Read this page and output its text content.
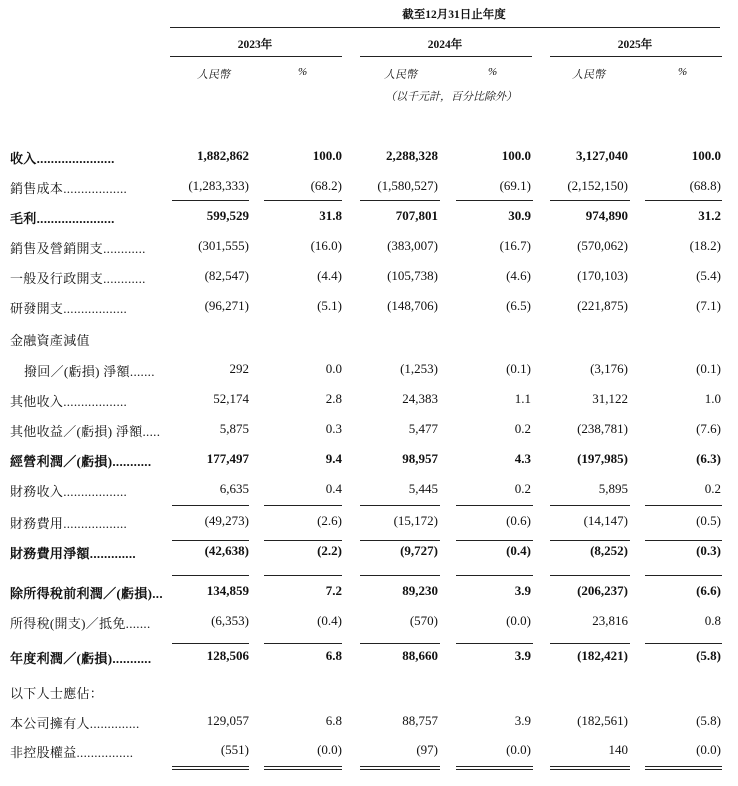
截至12月31日止年度
2023年	2024年	2025年
人民幣	%	人民幣	%	人民幣	%
（以千元計，百分比除外）
收入......................	1,882,862	100.0	2,288,328	100.0	3,127,040	100.0
銷售成本..................	(1,283,333)	(68.2)	(1,580,527)	(69.1)	(2,152,150)	(68.8)
毛利......................	599,529	31.8	707,801	30.9	974,890	31.2
銷售及營銷開支............	(301,555)	(16.0)	(383,007)	(16.7)	(570,062)	(18.2)
一般及行政開支............	(82,547)	(4.4)	(105,738)	(4.6)	(170,103)	(5.4)
研發開支..................	(96,271)	(5.1)	(148,706)	(6.5)	(221,875)	(7.1)
金融資產減值
撥回／(虧損) 淨額.......	292	0.0	(1,253)	(0.1)	(3,176)	(0.1)
其他收入..................	52,174	2.8	24,383	1.1	31,122	1.0
其他收益／(虧損) 淨額.....	5,875	0.3	5,477	0.2	(238,781)	(7.6)
經營利潤／(虧損)...........	177,497	9.4	98,957	4.3	(197,985)	(6.3)
財務收入..................	6,635	0.4	5,445	0.2	5,895	0.2
財務費用..................	(49,273)	(2.6)	(15,172)	(0.6)	(14,147)	(0.5)
財務費用淨額.............	(42,638)	(2.2)	(9,727)	(0.4)	(8,252)	(0.3)
除所得稅前利潤／(虧損)...	134,859	7.2	89,230	3.9	(206,237)	(6.6)
所得稅(開支)／抵免.......	(6,353)	(0.4)	(570)	(0.0)	23,816	0.8
年度利潤／(虧損)...........	128,506	6.8	88,660	3.9	(182,421)	(5.8)
以下人士應佔：
本公司擁有人..............	129,057	6.8	88,757	3.9	(182,561)	(5.8)
非控股權益................	(551)	(0.0)	(97)	(0.0)	140	(0.0)
